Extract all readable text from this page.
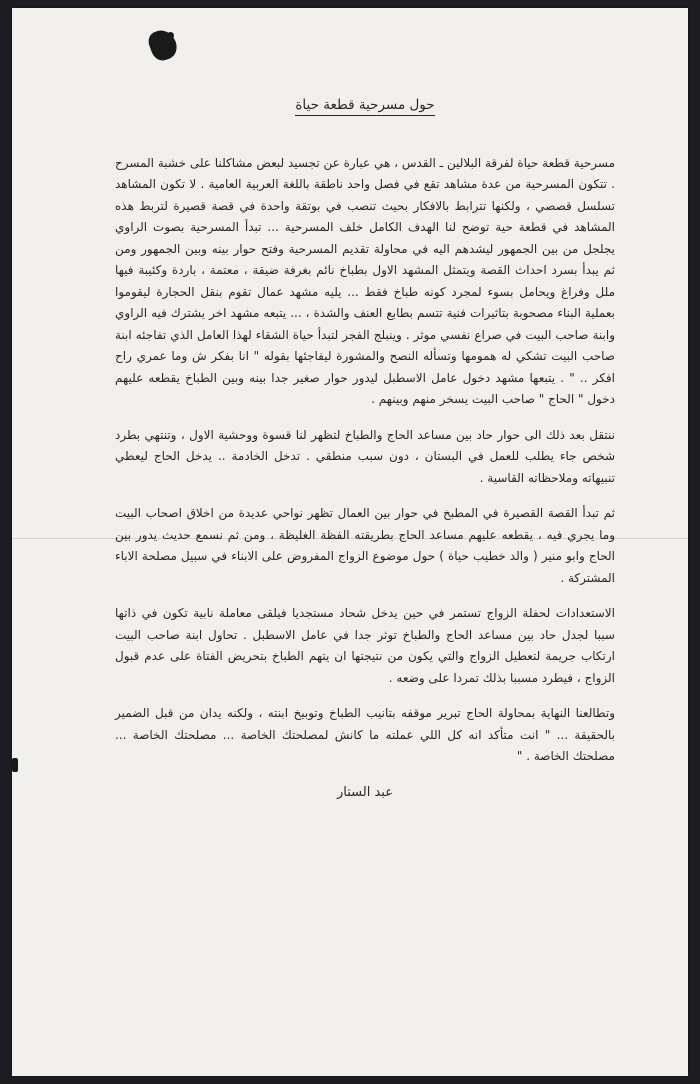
حول مسرحية قطعة حياة

مسرحية قطعة حياة لفرقة البلالين ـ القدس ، هي عبارة عن تجسيد لبعض مشاكلنا على خشبة المسرح . تتكون المسرحية من عدة مشاهد تقع في فصل واحد ناطقة باللغة العربية العامية . لا تكون المشاهد تسلسل قصصي ، ولكنها تترابط بالافكار بحيث تنصب في بوتقة واحدة في قصة قصيرة لتربط هذه المشاهد في قطعة حية توضح لنا الهدف الكامل خلف المسرحية ... تبدأ المسرحية بصوت الراوي يجلجل من بين الجمهور ليشدهم اليه في محاولة تقديم المسرحية وفتح حوار بينه وبين الجمهور ومن ثم يبدأ بسرد احداث القصة ويتمثل المشهد الاول بطباخ نائم بغرفة ضيقة ، معتمة ، باردة وكئيبة فيها ملل وفراغ ويحامل بسوء لمجرد كونه طباخ فقط ... يليه مشهد عمال تقوم بنقل الحجارة ليقوموا بعملية البناء مصحوبة بتاثيرات فنية تتسم بطابع العنف والشدة ، ... يتبعه مشهد اخر يشترك فيه الراوي وابنة صاحب البيت في صراع نفسي موثر . وينبلج الفجر لتبدأ حياة الشقاء لهذا العامل الذي تفاجئه ابنة صاحب البيت تشكي له همومها وتسأله النصح والمشورة ليفاجئها بقوله " انا بفكر ش وما عمري راح افكر .. " . يتبعها مشهد دخول عامل الاسطبل ليدور حوار صغير جدا بينه وبين الطباخ يقطعه عليهم دخول " الحاج " صاحب البيت يسخر منهم وبينهم .

ننتقل بعد ذلك الى حوار حاد بين مساعد الحاج والطباخ لتظهر لنا قسوة ووحشية الاول ، وتنتهي بطرد شخص جاء يطلب للعمل في البستان ، دون سبب منطقي . تدخل الخادمة .. يدخل الحاج ليعطي تنبيهاته وملاحظاته القاسية .

ثم تبدأ القصة القصيرة في المطبخ في حوار بين العمال تظهر نواحي عديدة من اخلاق اصحاب البيت وما يجري فيه ، يقطعه عليهم مساعد الحاج بطريقته الفظة الغليظة ، ومن ثم نسمع حديث يدور بين الحاج وابو منير ( والد خطيب حياة ) حول موضوع الزواج المفروض على الابناء في سبيل مصلحة الاباء المشتركة .

الاستعدادات لحفلة الزواج تستمر في حين يدخل شحاد مستجديا فيلقى معاملة نابية تكون في ذاتها سببا لجدل حاد بين مساعد الحاج والطباخ توثر جدا في عامل الاسطبل . تحاول ابنة صاحب البيت ارتكاب جريمة لتعطيل الزواج والتي يكون من نتيجتها ان يتهم الطباخ بتحريض الفتاة على عدم قبول الزواج ، فيطرد مسببا بذلك تمردا على وضعه .

وتطالعنا النهاية بمحاولة الحاج تبرير موقفه بتانيب الطباخ وتوبيخ ابنته ، ولكنه يدان من قبل الضمير بالحقيقة ... " انت متأكد انه كل اللي عملته ما كانش لمصلحتك الخاصة ... مصلحتك الخاصة ... مصلحتك الخاصة . "

عبد الستار
